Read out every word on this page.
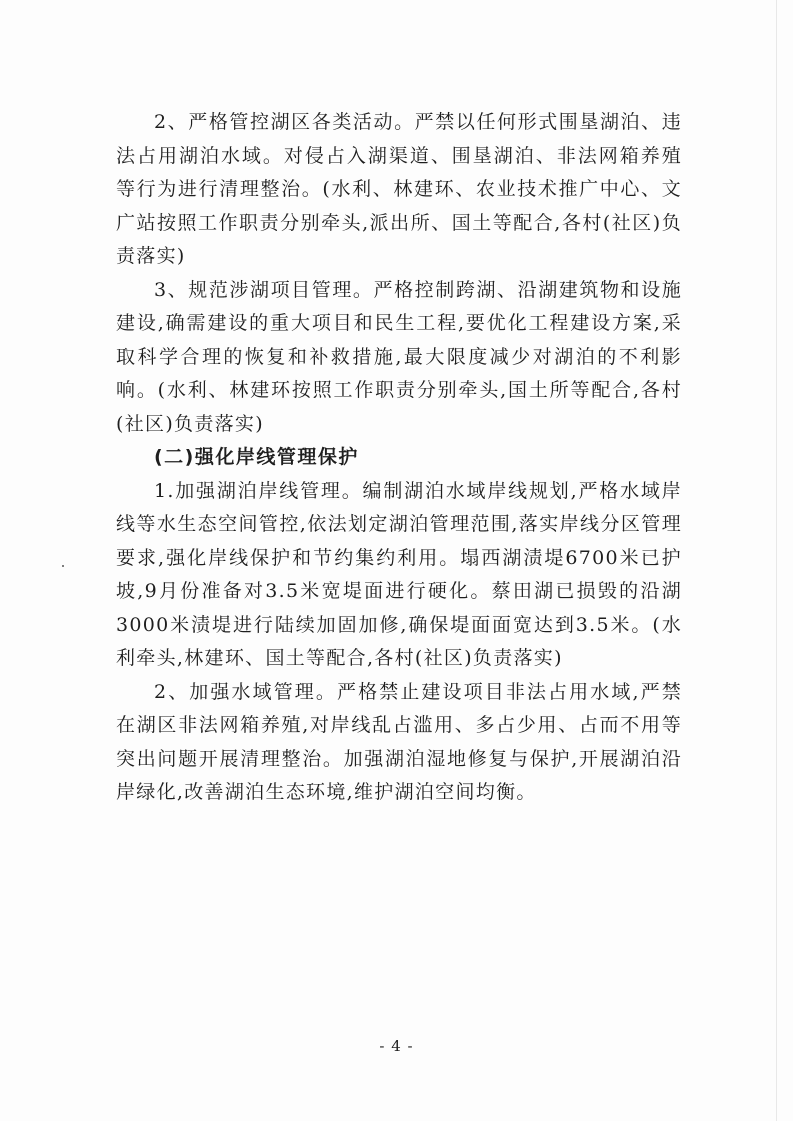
2、严格管控湖区各类活动。严禁以任何形式围垦湖泊、违法占用湖泊水域。对侵占入湖渠道、围垦湖泊、非法网箱养殖等行为进行清理整治。(水利、林建环、农业技术推广中心、文广站按照工作职责分别牵头,派出所、国土等配合,各村(社区)负责落实)

3、规范涉湖项目管理。严格控制跨湖、沿湖建筑物和设施建设,确需建设的重大项目和民生工程,要优化工程建设方案,采取科学合理的恢复和补救措施,最大限度减少对湖泊的不利影响。(水利、林建环按照工作职责分别牵头,国土所等配合,各村(社区)负责落实)

(二)强化岸线管理保护

1.加强湖泊岸线管理。编制湖泊水域岸线规划,严格水域岸线等水生态空间管控,依法划定湖泊管理范围,落实岸线分区管理要求,强化岸线保护和节约集约利用。塌西湖渍堤6700米已护坡,9月份准备对3.5米宽堤面进行硬化。蔡田湖已损毁的沿湖3000米渍堤进行陆续加固加修,确保堤面面宽达到3.5米。(水利牵头,林建环、国土等配合,各村(社区)负责落实)

2、加强水域管理。严格禁止建设项目非法占用水域,严禁在湖区非法网箱养殖,对岸线乱占滥用、多占少用、占而不用等突出问题开展清理整治。加强湖泊湿地修复与保护,开展湖泊沿岸绿化,改善湖泊生态环境,维护湖泊空间均衡。

- 4 -
